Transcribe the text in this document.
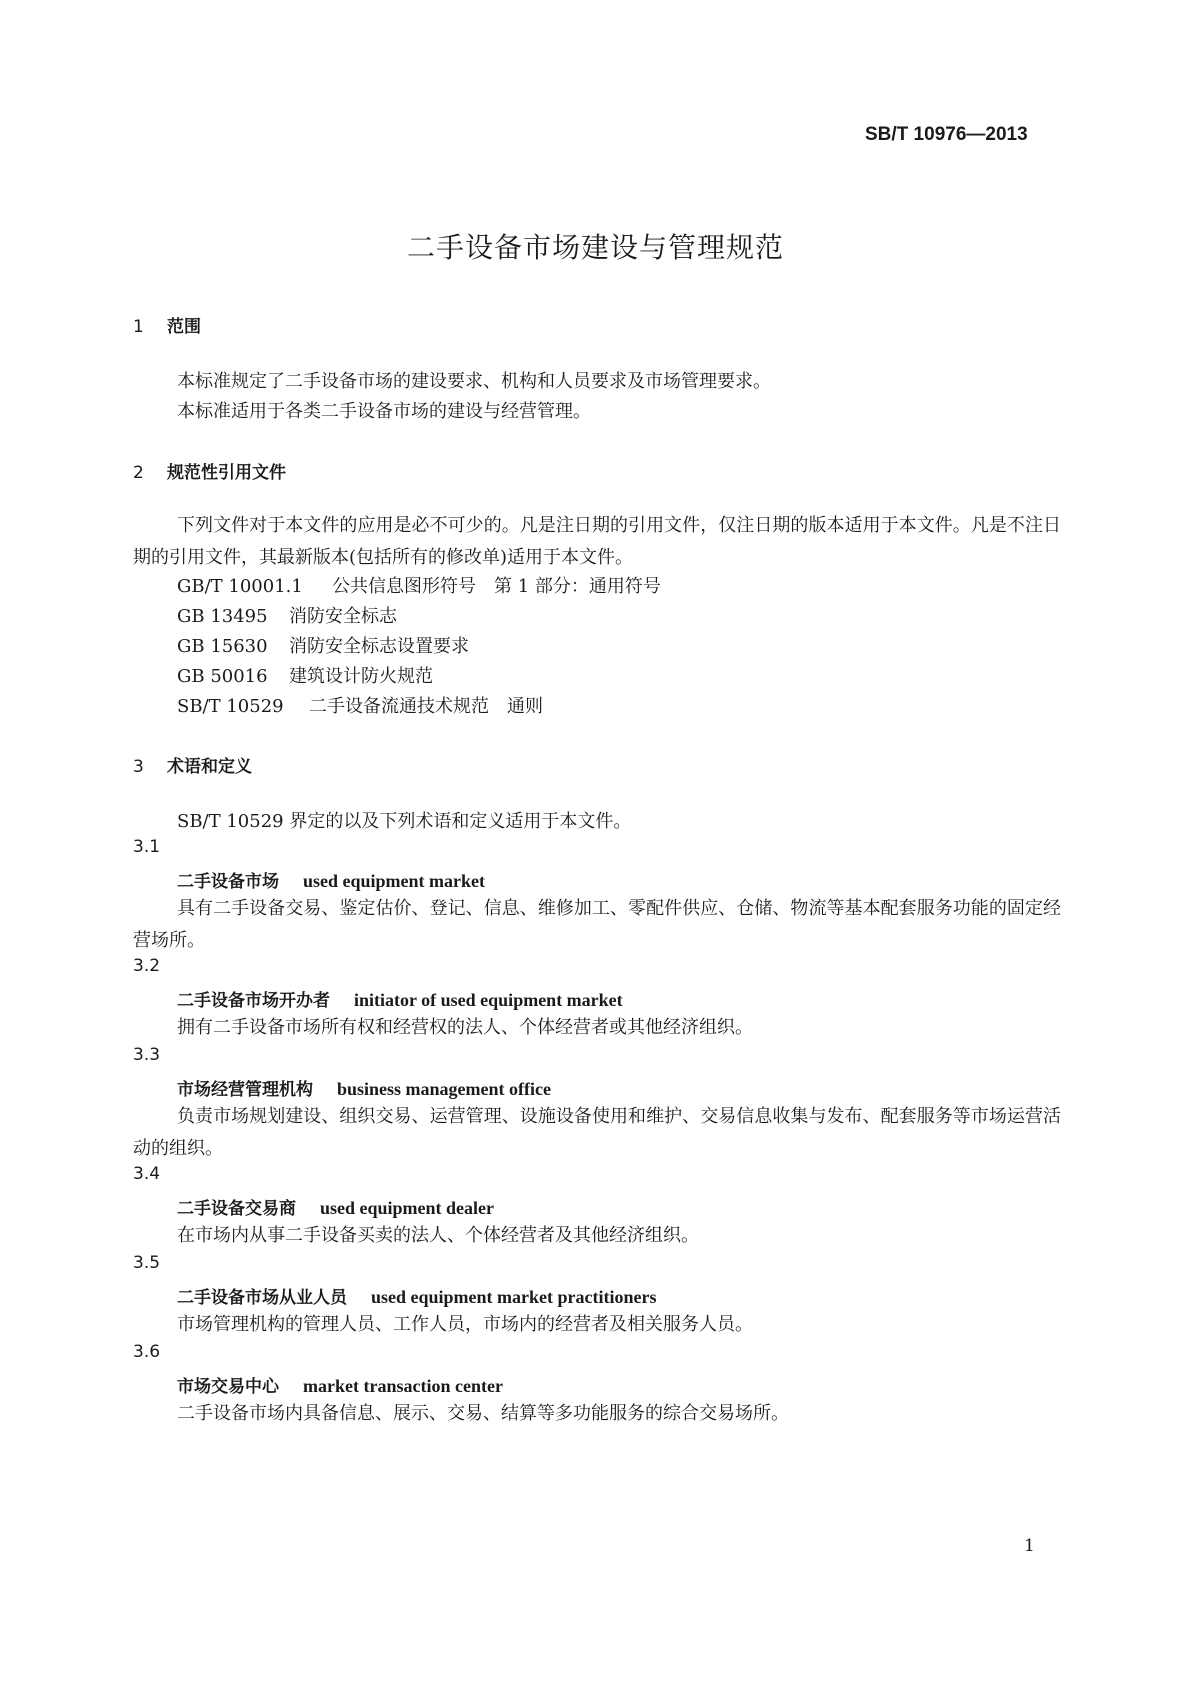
SB/T 10976—2013
二手设备市场建设与管理规范
1 范围
本标准规定了二手设备市场的建设要求、机构和人员要求及市场管理要求。
本标准适用于各类二手设备市场的建设与经营管理。
2 规范性引用文件
下列文件对于本文件的应用是必不可少的。凡是注日期的引用文件，仅注日期的版本适用于本文件。凡是不注日期的引用文件，其最新版本(包括所有的修改单)适用于本文件。
GB/T 10001.1 公共信息图形符号　第 1 部分：通用符号
GB 13495 消防安全标志
GB 15630 消防安全标志设置要求
GB 50016 建筑设计防火规范
SB/T 10529 二手设备流通技术规范　通则
3 术语和定义
SB/T 10529 界定的以及下列术语和定义适用于本文件。
3.1
二手设备市场 used equipment market
具有二手设备交易、鉴定估价、登记、信息、维修加工、零配件供应、仓储、物流等基本配套服务功能的固定经营场所。
3.2
二手设备市场开办者 initiator of used equipment market
拥有二手设备市场所有权和经营权的法人、个体经营者或其他经济组织。
3.3
市场经营管理机构 business management office
负责市场规划建设、组织交易、运营管理、设施设备使用和维护、交易信息收集与发布、配套服务等市场运营活动的组织。
3.4
二手设备交易商 used equipment dealer
在市场内从事二手设备买卖的法人、个体经营者及其他经济组织。
3.5
二手设备市场从业人员 used equipment market practitioners
市场管理机构的管理人员、工作人员，市场内的经营者及相关服务人员。
3.6
市场交易中心 market transaction center
二手设备市场内具备信息、展示、交易、结算等多功能服务的综合交易场所。
1
